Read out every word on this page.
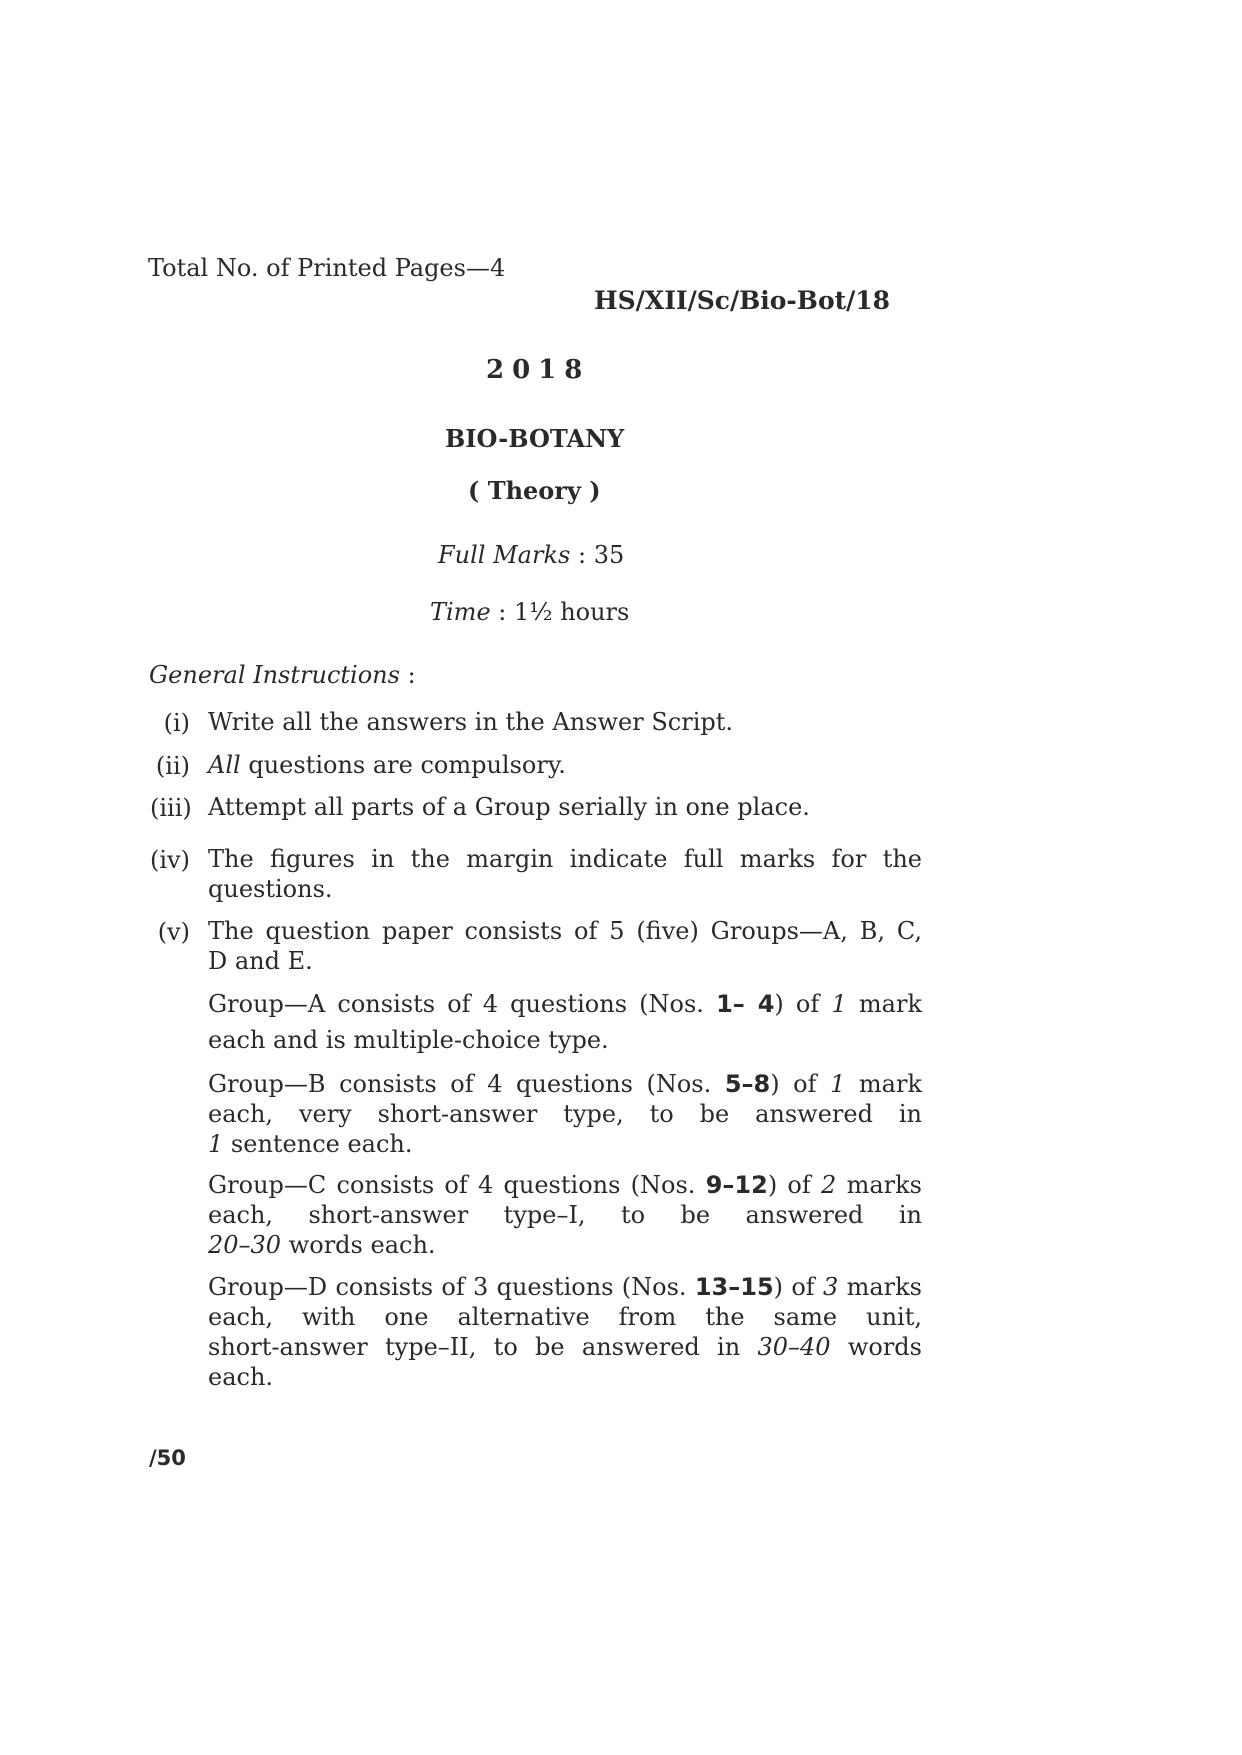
Total No. of Printed Pages—4
HS/XII/Sc/Bio-Bot/18
2018
BIO-BOTANY
( Theory )
Full Marks : 35
Time : 1½ hours
General Instructions :
(i) Write all the answers in the Answer Script.
(ii) All questions are compulsory.
(iii) Attempt all parts of a Group serially in one place.
(iv) The figures in the margin indicate full marks for the
questions.
(v) The question paper consists of 5 (five) Groups—A, B, C,
D and E.
Group—A consists of 4 questions (Nos. 1– 4) of 1 mark
each and is multiple-choice type.
Group—B consists of 4 questions (Nos. 5–8) of 1 mark
each, very short-answer type, to be answered in
1 sentence each.
Group—C consists of 4 questions (Nos. 9–12) of 2 marks
each, short-answer type–I, to be answered in
20–30 words each.
Group—D consists of 3 questions (Nos. 13–15) of 3 marks
each, with one alternative from the same unit,
short-answer type–II, to be answered in 30–40 words
each.
/50
